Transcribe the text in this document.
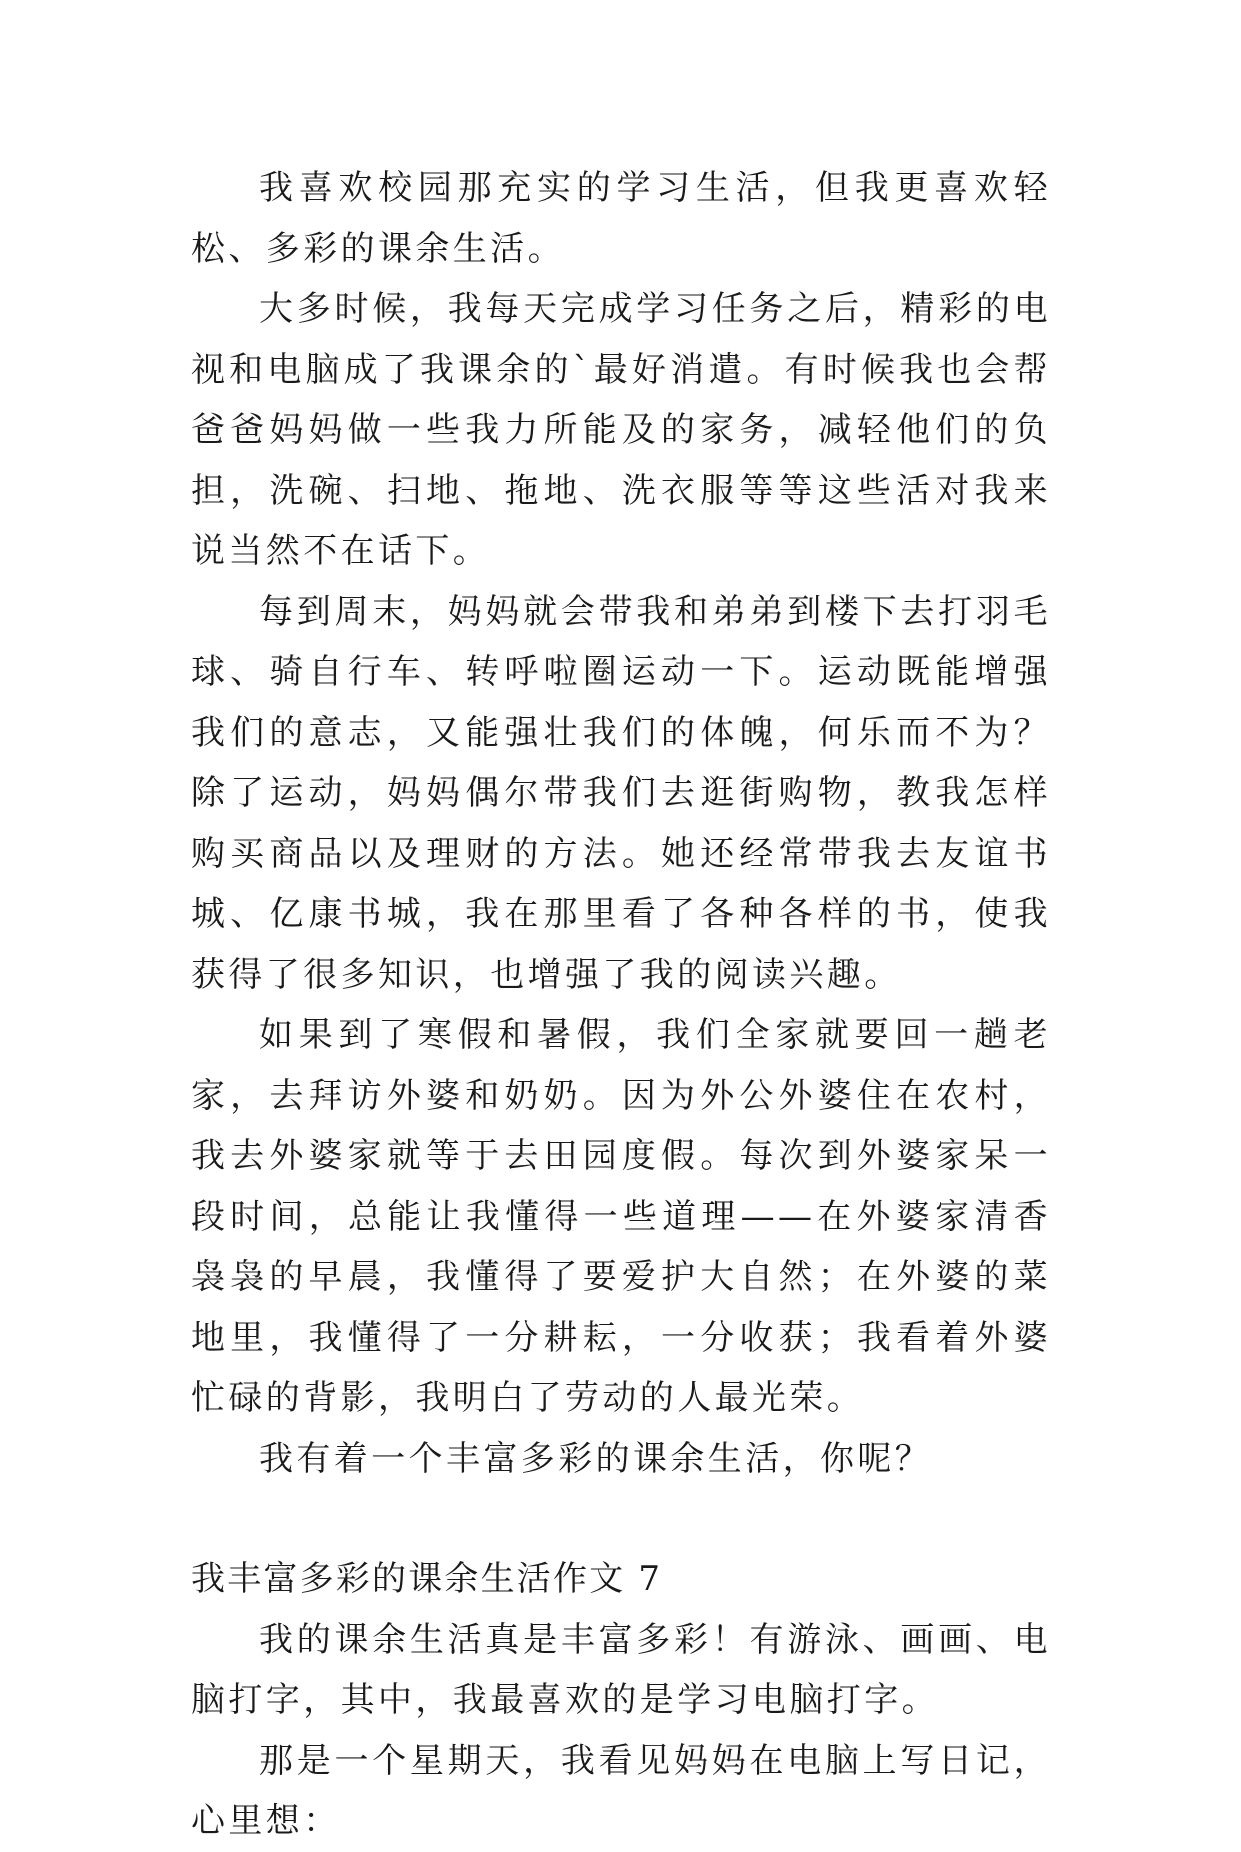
我喜欢校园那充实的学习生活，但我更喜欢轻松、多彩的课余生活。

大多时候，我每天完成学习任务之后，精彩的电视和电脑成了我课余的`最好消遣。有时候我也会帮爸爸妈妈做一些我力所能及的家务，减轻他们的负担，洗碗、扫地、拖地、洗衣服等等这些活对我来说当然不在话下。

每到周末，妈妈就会带我和弟弟到楼下去打羽毛球、骑自行车、转呼啦圈运动一下。运动既能增强我们的意志，又能强壮我们的体魄，何乐而不为？除了运动，妈妈偶尔带我们去逛街购物，教我怎样购买商品以及理财的方法。她还经常带我去友谊书城、亿康书城，我在那里看了各种各样的书，使我获得了很多知识，也增强了我的阅读兴趣。

如果到了寒假和暑假，我们全家就要回一趟老家，去拜访外婆和奶奶。因为外公外婆住在农村，我去外婆家就等于去田园度假。每次到外婆家呆一段时间，总能让我懂得一些道理——在外婆家清香袅袅的早晨，我懂得了要爱护大自然；在外婆的菜地里，我懂得了一分耕耘，一分收获；我看着外婆忙碌的背影，我明白了劳动的人最光荣。

我有着一个丰富多彩的课余生活，你呢？

我丰富多彩的课余生活作文 7

我的课余生活真是丰富多彩！有游泳、画画、电脑打字，其中，我最喜欢的是学习电脑打字。

那是一个星期天，我看见妈妈在电脑上写日记，心里想：
